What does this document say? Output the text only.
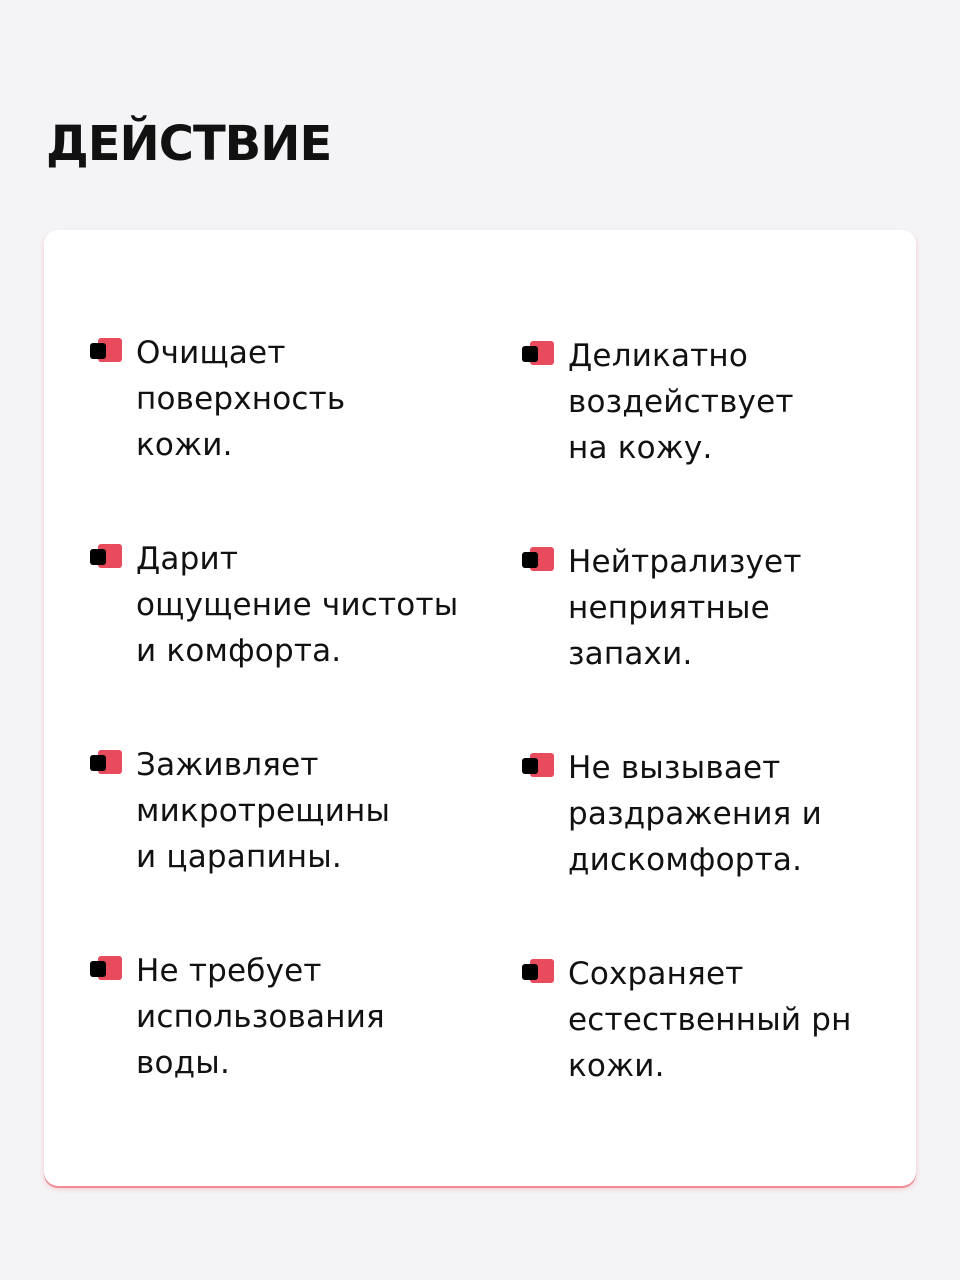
ДЕЙСТВИЕ
Очищает
поверхность
кожи.
Деликатно
воздействует
на кожу.
Дарит
ощущение чистоты
и комфорта.
Нейтрализует
неприятные
запахи.
Заживляет
микротрещины
и царапины.
Не вызывает
раздражения и
дискомфорта.
Не требует
использования
воды.
Сохраняет
естественный рн
кожи.
